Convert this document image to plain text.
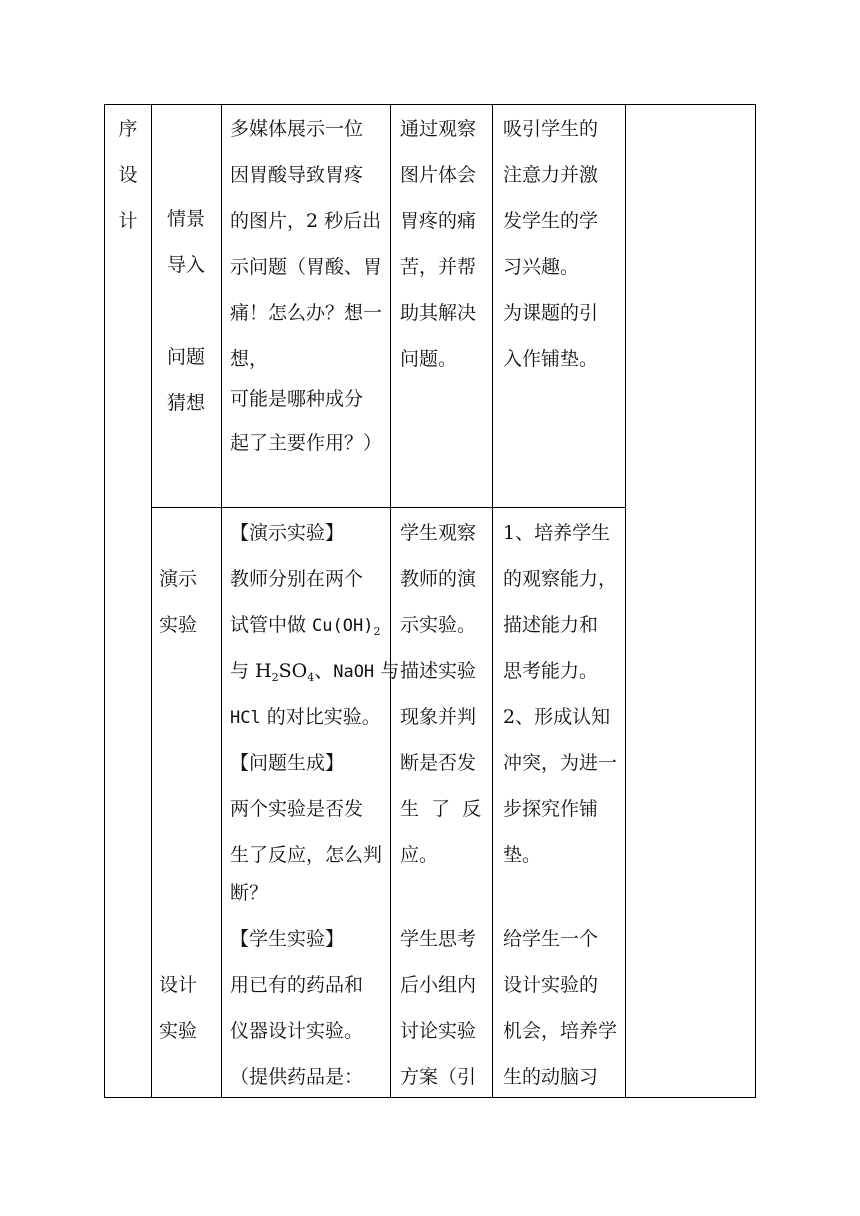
序
设
计 情景
导入
问题
猜想
多媒体展示一位
因胃酸导致胃疼
的图片，2 秒后出
示问题（胃酸、胃
痛！怎么办？想一
想，
可能是哪种成分
起了主要作用？）
通过观察
图片体会
胃疼的痛
苦，并帮
助其解决
问题。
吸引学生的
注意力并激
发学生的学
习兴趣。
为课题的引
入作铺垫。
演示
实验
设计
实验
【演示实验】
教师分别在两个
试管中做 $Cu(OH)_2$
与 $H_2SO_4$、NaOH 与
HCl 的对比实验。
【问题生成】
两个实验是否发
生了反应，怎么判
断？
【学生实验】
用已有的药品和
仪器设计实验。
（提供药品是：
学生观察
教师的演
示实验。
描述实验
现象并判
断是否发
生  了  反
应。
学生思考
后小组内
讨论实验
方案（引
1、培养学生
的观察能力，
描述能力和
思考能力。
2、形成认知
冲突，为进一
步探究作铺
垫。
给学生一个
设计实验的
机会，培养学
生的动脑习
